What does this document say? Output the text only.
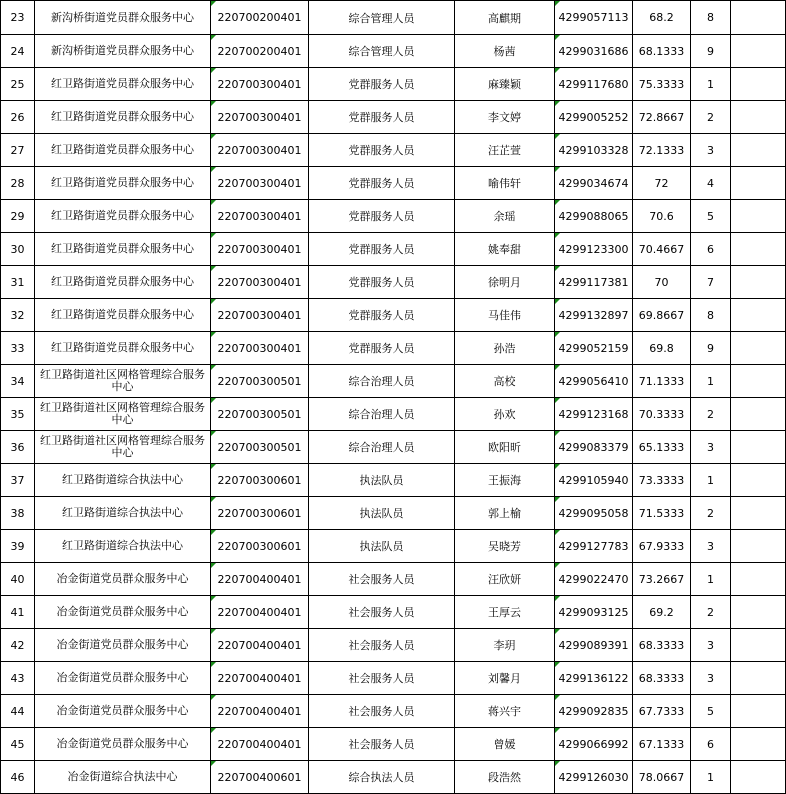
23	新沟桥街道党员群众服务中心	220700200401	综合管理人员	高麒期	4299057113	68.2	8	
24	新沟桥街道党员群众服务中心	220700200401	综合管理人员	杨茜	4299031686	68.1333	9	
25	红卫路街道党员群众服务中心	220700300401	党群服务人员	麻臻颖	4299117680	75.3333	1	
26	红卫路街道党员群众服务中心	220700300401	党群服务人员	李文婷	4299005252	72.8667	2	
27	红卫路街道党员群众服务中心	220700300401	党群服务人员	汪芷萱	4299103328	72.1333	3	
28	红卫路街道党员群众服务中心	220700300401	党群服务人员	喻伟轩	4299034674	72	4	
29	红卫路街道党员群众服务中心	220700300401	党群服务人员	余瑶	4299088065	70.6	5	
30	红卫路街道党员群众服务中心	220700300401	党群服务人员	姚奉甜	4299123300	70.4667	6	
31	红卫路街道党员群众服务中心	220700300401	党群服务人员	徐明月	4299117381	70	7	
32	红卫路街道党员群众服务中心	220700300401	党群服务人员	马佳伟	4299132897	69.8667	8	
33	红卫路街道党员群众服务中心	220700300401	党群服务人员	孙浩	4299052159	69.8	9	
34	红卫路街道社区网格管理综合服务中心	220700300501	综合治理人员	高校	4299056410	71.1333	1	
35	红卫路街道社区网格管理综合服务中心	220700300501	综合治理人员	孙欢	4299123168	70.3333	2	
36	红卫路街道社区网格管理综合服务中心	220700300501	综合治理人员	欧阳昕	4299083379	65.1333	3	
37	红卫路街道综合执法中心	220700300601	执法队员	王振海	4299105940	73.3333	1	
38	红卫路街道综合执法中心	220700300601	执法队员	郭上榆	4299095058	71.5333	2	
39	红卫路街道综合执法中心	220700300601	执法队员	吴晓芳	4299127783	67.9333	3	
40	冶金街道党员群众服务中心	220700400401	社会服务人员	汪欣妍	4299022470	73.2667	1	
41	冶金街道党员群众服务中心	220700400401	社会服务人员	王厚云	4299093125	69.2	2	
42	冶金街道党员群众服务中心	220700400401	社会服务人员	李玥	4299089391	68.3333	3	
43	冶金街道党员群众服务中心	220700400401	社会服务人员	刘馨月	4299136122	68.3333	3	
44	冶金街道党员群众服务中心	220700400401	社会服务人员	蒋兴宇	4299092835	67.7333	5	
45	冶金街道党员群众服务中心	220700400401	社会服务人员	曾媛	4299066992	67.1333	6	
46	冶金街道综合执法中心	220700400601	综合执法人员	段浩然	4299126030	78.0667	1	
